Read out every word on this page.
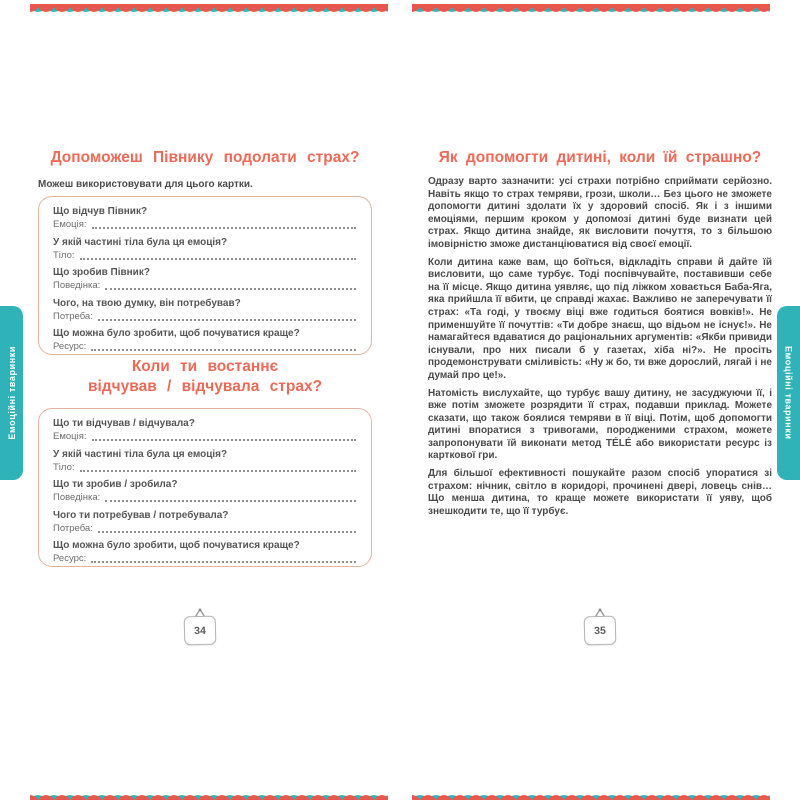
Емоційні тваринки	Емоційні тваринки
Допоможеш Півнику подолати страх?
Можеш використовувати для цього картки.
Що відчув Півник?
Емоція:
У якій частині тіла була ця емоція?
Тіло:
Що зробив Півник?
Поведінка:
Чого, на твою думку, він потребував?
Потреба:
Що можна було зробити, щоб почуватися краще?
Ресурс:
Коли ти востаннє
відчував / відчувала страх?
Що ти відчував / відчувала?
Емоція:
У якій частині тіла була ця емоція?
Тіло:
Що ти зробив / зробила?
Поведінка:
Чого ти потребував / потребувала?
Потреба:
Що можна було зробити, щоб почуватися краще?
Ресурс:
34
Як допомогти дитині, коли їй страшно?

Одразу варто зазначити: усі страхи потрібно сприймати серйозно. Навіть якщо то страх темряви, грози, школи… Без цього не зможете допомогти дитині здолати їх у здоровий спосіб. Як і з іншими емоціями, першим кроком у допомозі дитині буде визнати цей страх. Якщо дитина знайде, як висловити почуття, то з більшою імовірністю зможе дистанціюватися від своєї емоції.

Коли дитина каже вам, що боїться, відкладіть справи й дайте їй висловити, що саме турбує. Тоді поспівчувайте, поставивши себе на її місце. Якщо дитина уявляє, що під ліжком ховається Баба-Яга, яка прийшла її вбити, це справді жахає. Важливо не заперечувати її страх: «Та годі, у твоєму віці вже годиться боятися вовків!». Не применшуйте її почуттів: «Ти добре знаєш, що відьом не існує!». Не намагайтеся вдаватися до раціональних аргументів: «Якби привиди існували, про них писали б у газетах, хіба ні?». Не просіть продемонструвати сміливість: «Ну ж бо, ти вже дорослий, лягай і не думай про це!».

Натомість вислухайте, що турбує вашу дитину, не засуджуючи її, і вже потім зможете розрядити її страх, подавши приклад. Можете сказати, що також боялися темряви в її віці. Потім, щоб допомогти дитині впоратися з тривогами, породженими страхом, можете запропонувати їй виконати метод TÉLÉ або використати ресурс із карткової гри.

Для більшої ефективності пошукайте разом спосіб упоратися зі страхом: нічник, світло в коридорі, прочинені двері, ловець снів… Що менша дитина, то краще можете використати її уяву, щоб знешкодити те, що її турбує.

35
